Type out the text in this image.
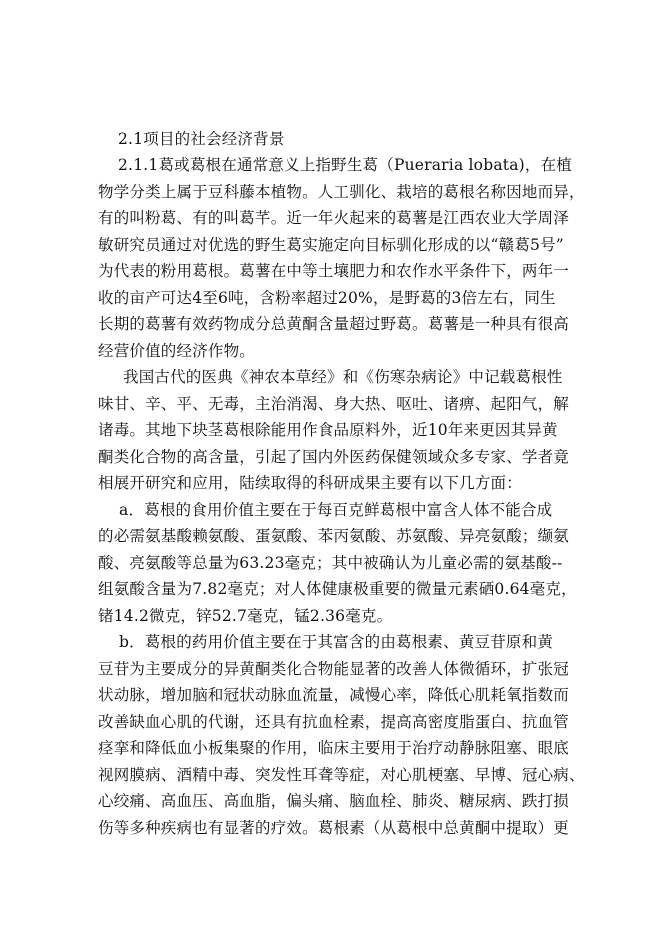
2.1项目的社会经济背景
2.1.1葛或葛根在通常意义上指野生葛（Pueraria lobata)，在植
物学分类上属于豆科藤本植物。人工驯化、栽培的葛根名称因地而异，
有的叫粉葛、有的叫葛芊。近一年火起来的葛薯是江西农业大学周泽
敏研究员通过对优选的野生葛实施定向目标驯化形成的以“赣葛5号”
为代表的粉用葛根。葛薯在中等土壤肥力和农作水平条件下，两年一
收的亩产可达4至6吨，含粉率超过20%，是野葛的3倍左右，同生
长期的葛薯有效药物成分总黄酮含量超过野葛。葛薯是一种具有很高
经营价值的经济作物。
我国古代的医典《神农本草经》和《伤寒杂病论》中记载葛根性
味甘、辛、平、无毒，主治消渴、身大热、呕吐、诸痹、起阳气，解
诸毒。其地下块茎葛根除能用作食品原料外，近10年来更因其异黄
酮类化合物的高含量，引起了国内外医药保健领域众多专家、学者竟
相展开研究和应用，陆续取得的科研成果主要有以下几方面：
a．葛根的食用价值主要在于每百克鲜葛根中富含人体不能合成
的必需氨基酸赖氨酸、蛋氨酸、苯丙氨酸、苏氨酸、异亮氨酸；缬氨
酸、亮氨酸等总量为63.23毫克；其中被确认为儿童必需的氨基酸--
组氨酸含量为7.82毫克；对人体健康极重要的微量元素硒0.64毫克，
锗14.2微克，锌52.7毫克，锰2.36毫克。
b．葛根的药用价值主要在于其富含的由葛根素、黄豆苷原和黄
豆苷为主要成分的异黄酮类化合物能显著的改善人体微循环，扩张冠
状动脉，增加脑和冠状动脉血流量，减慢心率，降低心肌耗氧指数而
改善缺血心肌的代谢，还具有抗血栓素，提高高密度脂蛋白、抗血管
痉挛和降低血小板集聚的作用，临床主要用于治疗动静脉阻塞、眼底
视网膜病、酒精中毒、突发性耳聋等症，对心肌梗塞、早博、冠心病、
心绞痛、高血压、高血脂，偏头痛、脑血栓、肺炎、糖尿病、跌打损
伤等多种疾病也有显著的疗效。葛根素（从葛根中总黄酮中提取）更
